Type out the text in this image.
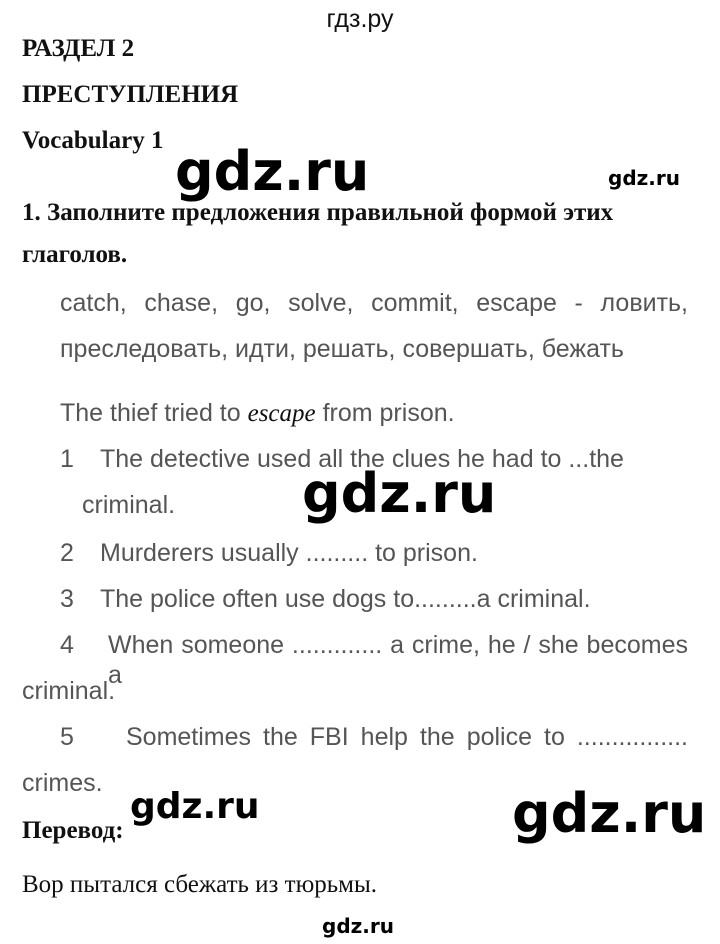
гдз.ру
РАЗДЕЛ 2
ПРЕСТУПЛЕНИЯ
Vocabulary 1 gdz.ru	gdz.ru
1. Заполните предложения правильной формой этих
глаголов.
catch, chase, go, solve, commit, escape - ловить,
преследовать, идти, решать, совершать, бежать
The thief tried to escape from prison.
1 The detective used all the clues he had to ...the
criminal. gdz.ru
2 Murderers usually ......... to prison.
3 The police often use dogs to.........a criminal.
4 When someone ............. a crime, he / she becomes a
criminal.
5 Sometimes the FBI help the police to ................
crimes.
gdz.ru	gdz.ru
Перевод:
Вор пытался сбежать из тюрьмы.
gdz.ru
